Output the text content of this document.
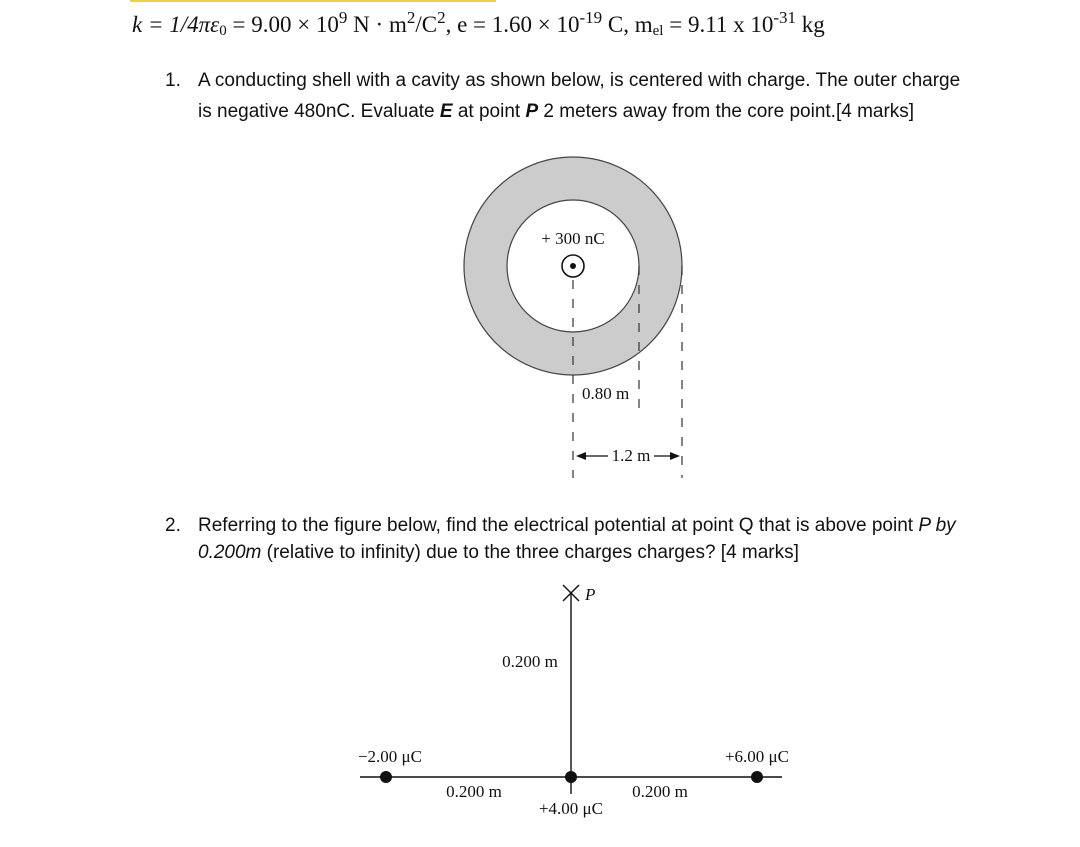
$k = 1/4\pi\varepsilon_0 = 9.00 \times 10^9$ $N \cdot m^2/C^2$, $e = 1.60 \times 10^{-19}$ C, $m_{el} = 9.11$ x $10^{-31}$ kg
1. A conducting shell with a cavity as shown below, is centered with charge. The outer charge is negative 480nC. Evaluate E at point P 2 meters away from the core point.[4 marks]
2. Referring to the figure below, find the electrical potential at point Q that is above point P by 0.200m (relative to infinity) due to the three charges charges? [4 marks]
+ 300 nC
0.80 m
1.2 m
P
0.200 m
−2.00 μC	+6.00 μC
+4.00 μC
0.200 m	0.200 m
